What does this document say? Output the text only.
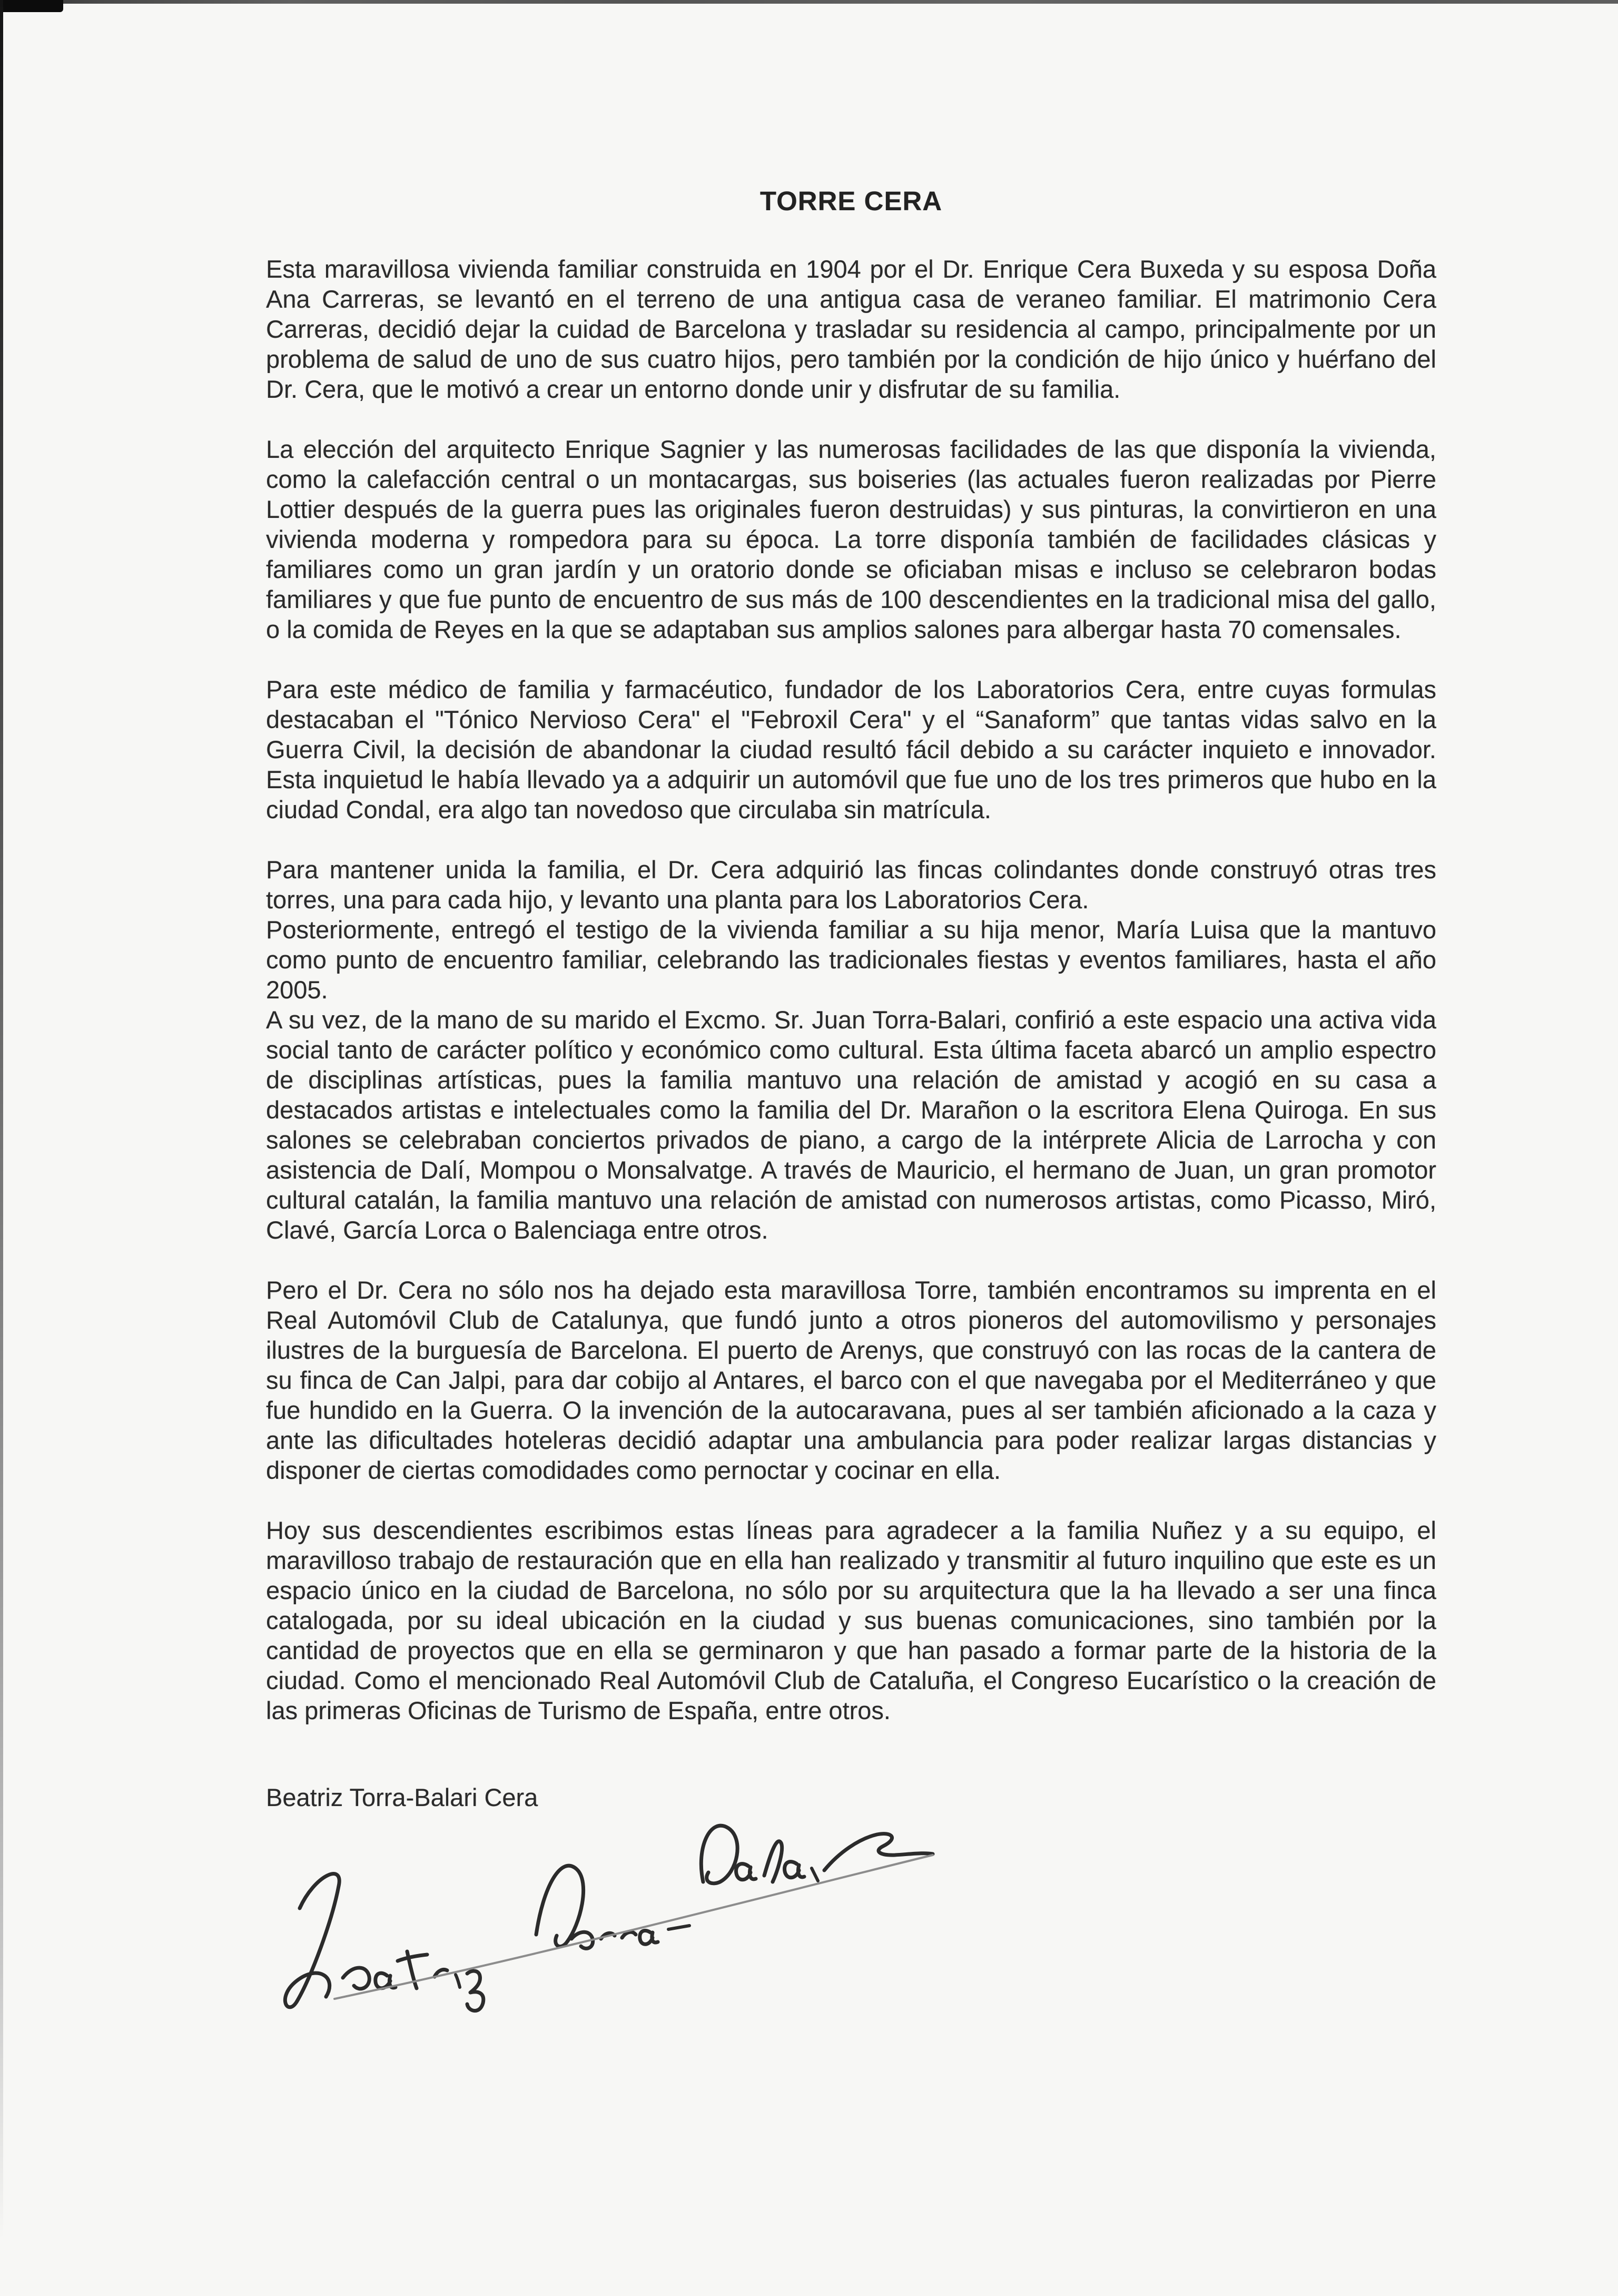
TORRE CERA

Esta maravillosa vivienda familiar construida en 1904 por el Dr. Enrique Cera Buxeda y su esposa Doña Ana Carreras, se levantó en el terreno de una antigua casa de veraneo familiar. El matrimonio Cera Carreras, decidió dejar la cuidad de Barcelona y trasladar su residencia al campo, principalmente por un problema de salud de uno de sus cuatro hijos, pero también por la condición de hijo único y huérfano del Dr. Cera, que le motivó a crear un entorno donde unir y disfrutar de su familia.

La elección del arquitecto Enrique Sagnier y las numerosas facilidades de las que disponía la vivienda, como la calefacción central o un montacargas, sus boiseries (las actuales fueron realizadas por Pierre Lottier después de la guerra pues las originales fueron destruidas) y sus pinturas, la convirtieron en una vivienda moderna y rompedora para su época. La torre disponía también de facilidades clásicas y familiares como un gran jardín y un oratorio donde se oficiaban misas e incluso se celebraron bodas familiares y que fue punto de encuentro de sus más de 100 descendientes en la tradicional misa del gallo, o la comida de Reyes en la que se adaptaban sus amplios salones para albergar hasta 70 comensales.

Para este médico de familia y farmacéutico, fundador de los Laboratorios Cera, entre cuyas formulas destacaban el "Tónico Nervioso Cera" el "Febroxil Cera" y el “Sanaform” que tantas vidas salvo en la Guerra Civil, la decisión de abandonar la ciudad resultó fácil debido a su carácter inquieto e innovador. Esta inquietud le había llevado ya a adquirir un automóvil que fue uno de los tres primeros que hubo en la ciudad Condal, era algo tan novedoso que circulaba sin matrícula.

Para mantener unida la familia, el Dr. Cera adquirió las fincas colindantes donde construyó otras tres torres, una para cada hijo, y levanto una planta para los Laboratorios Cera.

Posteriormente, entregó el testigo de la vivienda familiar a su hija menor, María Luisa que la mantuvo como punto de encuentro familiar, celebrando las tradicionales fiestas y eventos familiares, hasta el año 2005.

A su vez, de la mano de su marido el Excmo. Sr. Juan Torra-Balari, confirió a este espacio una activa vida social tanto de carácter político y económico como cultural. Esta última faceta abarcó un amplio espectro de disciplinas artísticas, pues la familia mantuvo una relación de amistad y acogió en su casa a destacados artistas e intelectuales como la familia del Dr. Marañon o la escritora Elena Quiroga. En sus salones se celebraban conciertos privados de piano, a cargo de la intérprete Alicia de Larrocha y con asistencia de Dalí, Mompou o Monsalvatge. A través de Mauricio, el hermano de Juan, un gran promotor cultural catalán, la familia mantuvo una relación de amistad con numerosos artistas, como Picasso, Miró, Clavé, García Lorca o Balenciaga entre otros.

Pero el Dr. Cera no sólo nos ha dejado esta maravillosa Torre, también encontramos su imprenta en el Real Automóvil Club de Catalunya, que fundó junto a otros pioneros del automovilismo y personajes ilustres de la burguesía de Barcelona. El puerto de Arenys, que construyó con las rocas de la cantera de su finca de Can Jalpi, para dar cobijo al Antares, el barco con el que navegaba por el Mediterráneo y que fue hundido en la Guerra. O la invención de la autocaravana, pues al ser también aficionado a la caza y ante las dificultades hoteleras decidió adaptar una ambulancia para poder realizar largas distancias y disponer de ciertas comodidades como pernoctar y cocinar en ella.

Hoy sus descendientes escribimos estas líneas para agradecer a la familia Nuñez y a su equipo, el maravilloso trabajo de restauración que en ella han realizado y transmitir al futuro inquilino que este es un espacio único en la ciudad de Barcelona, no sólo por su arquitectura que la ha llevado a ser una finca catalogada, por su ideal ubicación en la ciudad y sus buenas comunicaciones, sino también por la cantidad de proyectos que en ella se germinaron y que han pasado a formar parte de la historia de la ciudad. Como el mencionado Real Automóvil Club de Cataluña, el Congreso Eucarístico o la creación de las primeras Oficinas de Turismo de España, entre otros.

Beatriz Torra-Balari Cera
